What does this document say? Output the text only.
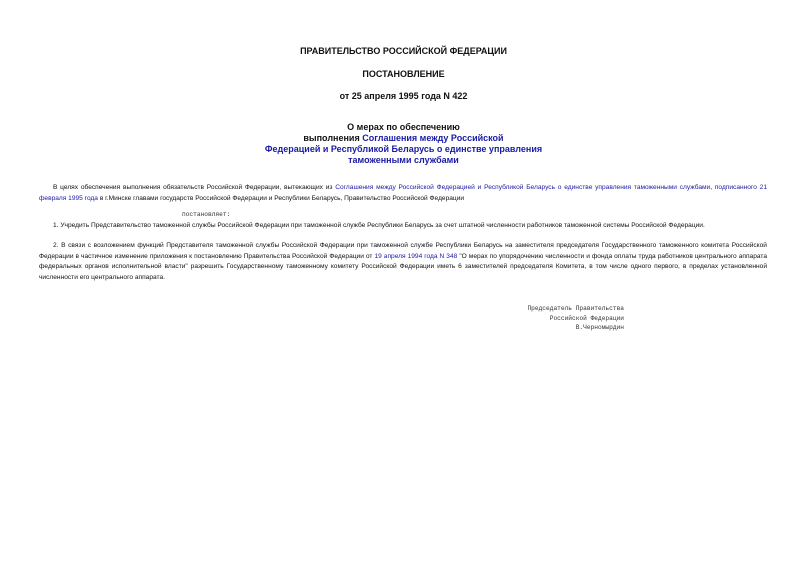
ПРАВИТЕЛЬСТВО РОССИЙСКОЙ ФЕДЕРАЦИИ
ПОСТАНОВЛЕНИЕ
от 25 апреля 1995 года N 422
О мерах по обеспечению
выполнения Соглашения между Российской
Федерацией и Республикой Беларусь о единстве управления
таможенными службами
В целях обеспечения выполнения обязательств Российской Федерации, вытекающих из Соглашения между Российской Федерацией и Республикой Беларусь о единстве управления таможенными службами, подписанного 21 февраля 1995 года в г.Минске главами государств Российской Федерации и Республики Беларусь, Правительство Российской Федерации
постановляет:
1. Учредить Представительство таможенной службы Российской Федерации при таможенной службе Республики Беларусь за счет штатной численности работников таможенной системы Российской Федерации.
2. В связи с возложением функций Представителя таможенной службы Российской Федерации при таможенной службе Республики Беларусь на заместителя председателя Государственного таможенного комитета Российской Федерации в частичное изменение приложения к постановлению Правительства Российской Федерации от 19 апреля 1994 года N 348 "О мерах по упорядочению численности и фонда оплаты труда работников центрального аппарата федеральных органов исполнительной власти" разрешить Государственному таможенному комитету Российской Федерации иметь 6 заместителей председателя Комитета, в том числе одного первого, в пределах установленной численности его центрального аппарата.
Председатель Правительства
Российской Федерации
В.Черномырдин
